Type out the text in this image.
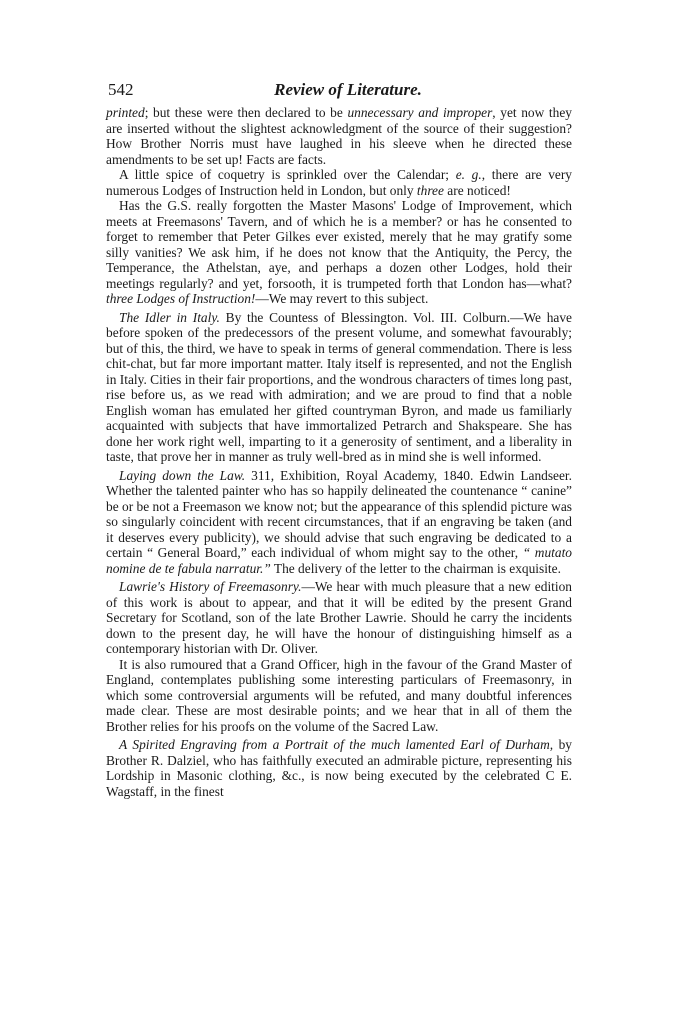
542	Review of Literature.

printed; but these were then declared to be unnecessary and improper, yet now they are inserted without the slightest acknowledgment of the source of their suggestion? How Brother Norris must have laughed in his sleeve when he directed these amendments to be set up! Facts are facts.

A little spice of coquetry is sprinkled over the Calendar; e. g., there are very numerous Lodges of Instruction held in London, but only three are noticed!

Has the G.S. really forgotten the Master Masons' Lodge of Improvement, which meets at Freemasons' Tavern, and of which he is a member? or has he consented to forget to remember that Peter Gilkes ever existed, merely that he may gratify some silly vanities? We ask him, if he does not know that the Antiquity, the Percy, the Temperance, the Athelstan, aye, and perhaps a dozen other Lodges, hold their meetings regularly? and yet, forsooth, it is trumpeted forth that London has—what? three Lodges of Instruction!—We may revert to this subject.

The Idler in Italy. By the Countess of Blessington. Vol. III. Colburn.—We have before spoken of the predecessors of the present volume, and somewhat favourably; but of this, the third, we have to speak in terms of general commendation. There is less chit-chat, but far more important matter. Italy itself is represented, and not the English in Italy. Cities in their fair proportions, and the wondrous characters of times long past, rise before us, as we read with admiration; and we are proud to find that a noble English woman has emulated her gifted countryman Byron, and made us familiarly acquainted with subjects that have immortalized Petrarch and Shakspeare. She has done her work right well, imparting to it a generosity of sentiment, and a liberality in taste, that prove her in manner as truly well-bred as in mind she is well informed.

Laying down the Law. 311, Exhibition, Royal Academy, 1840. Edwin Landseer. Whether the talented painter who has so happily delineated the countenance “ canine” be or be not a Freemason we know not; but the appearance of this splendid picture was so singularly coincident with recent circumstances, that if an engraving be taken (and it deserves every publicity), we should advise that such engraving be dedicated to a certain “ General Board,” each individual of whom might say to the other, “ mutato nomine de te fabula narratur.” The delivery of the letter to the chairman is exquisite.

Lawrie's History of Freemasonry.—We hear with much pleasure that a new edition of this work is about to appear, and that it will be edited by the present Grand Secretary for Scotland, son of the late Brother Lawrie. Should he carry the incidents down to the present day, he will have the honour of distinguishing himself as a contemporary historian with Dr. Oliver.

It is also rumoured that a Grand Officer, high in the favour of the Grand Master of England, contemplates publishing some interesting particulars of Freemasonry, in which some controversial arguments will be refuted, and many doubtful inferences made clear. These are most desirable points; and we hear that in all of them the Brother relies for his proofs on the volume of the Sacred Law.

A Spirited Engraving from a Portrait of the much lamented Earl of Durham, by Brother R. Dalziel, who has faithfully executed an admirable picture, representing his Lordship in Masonic clothing, &c., is now being executed by the celebrated C E. Wagstaff, in the finest
